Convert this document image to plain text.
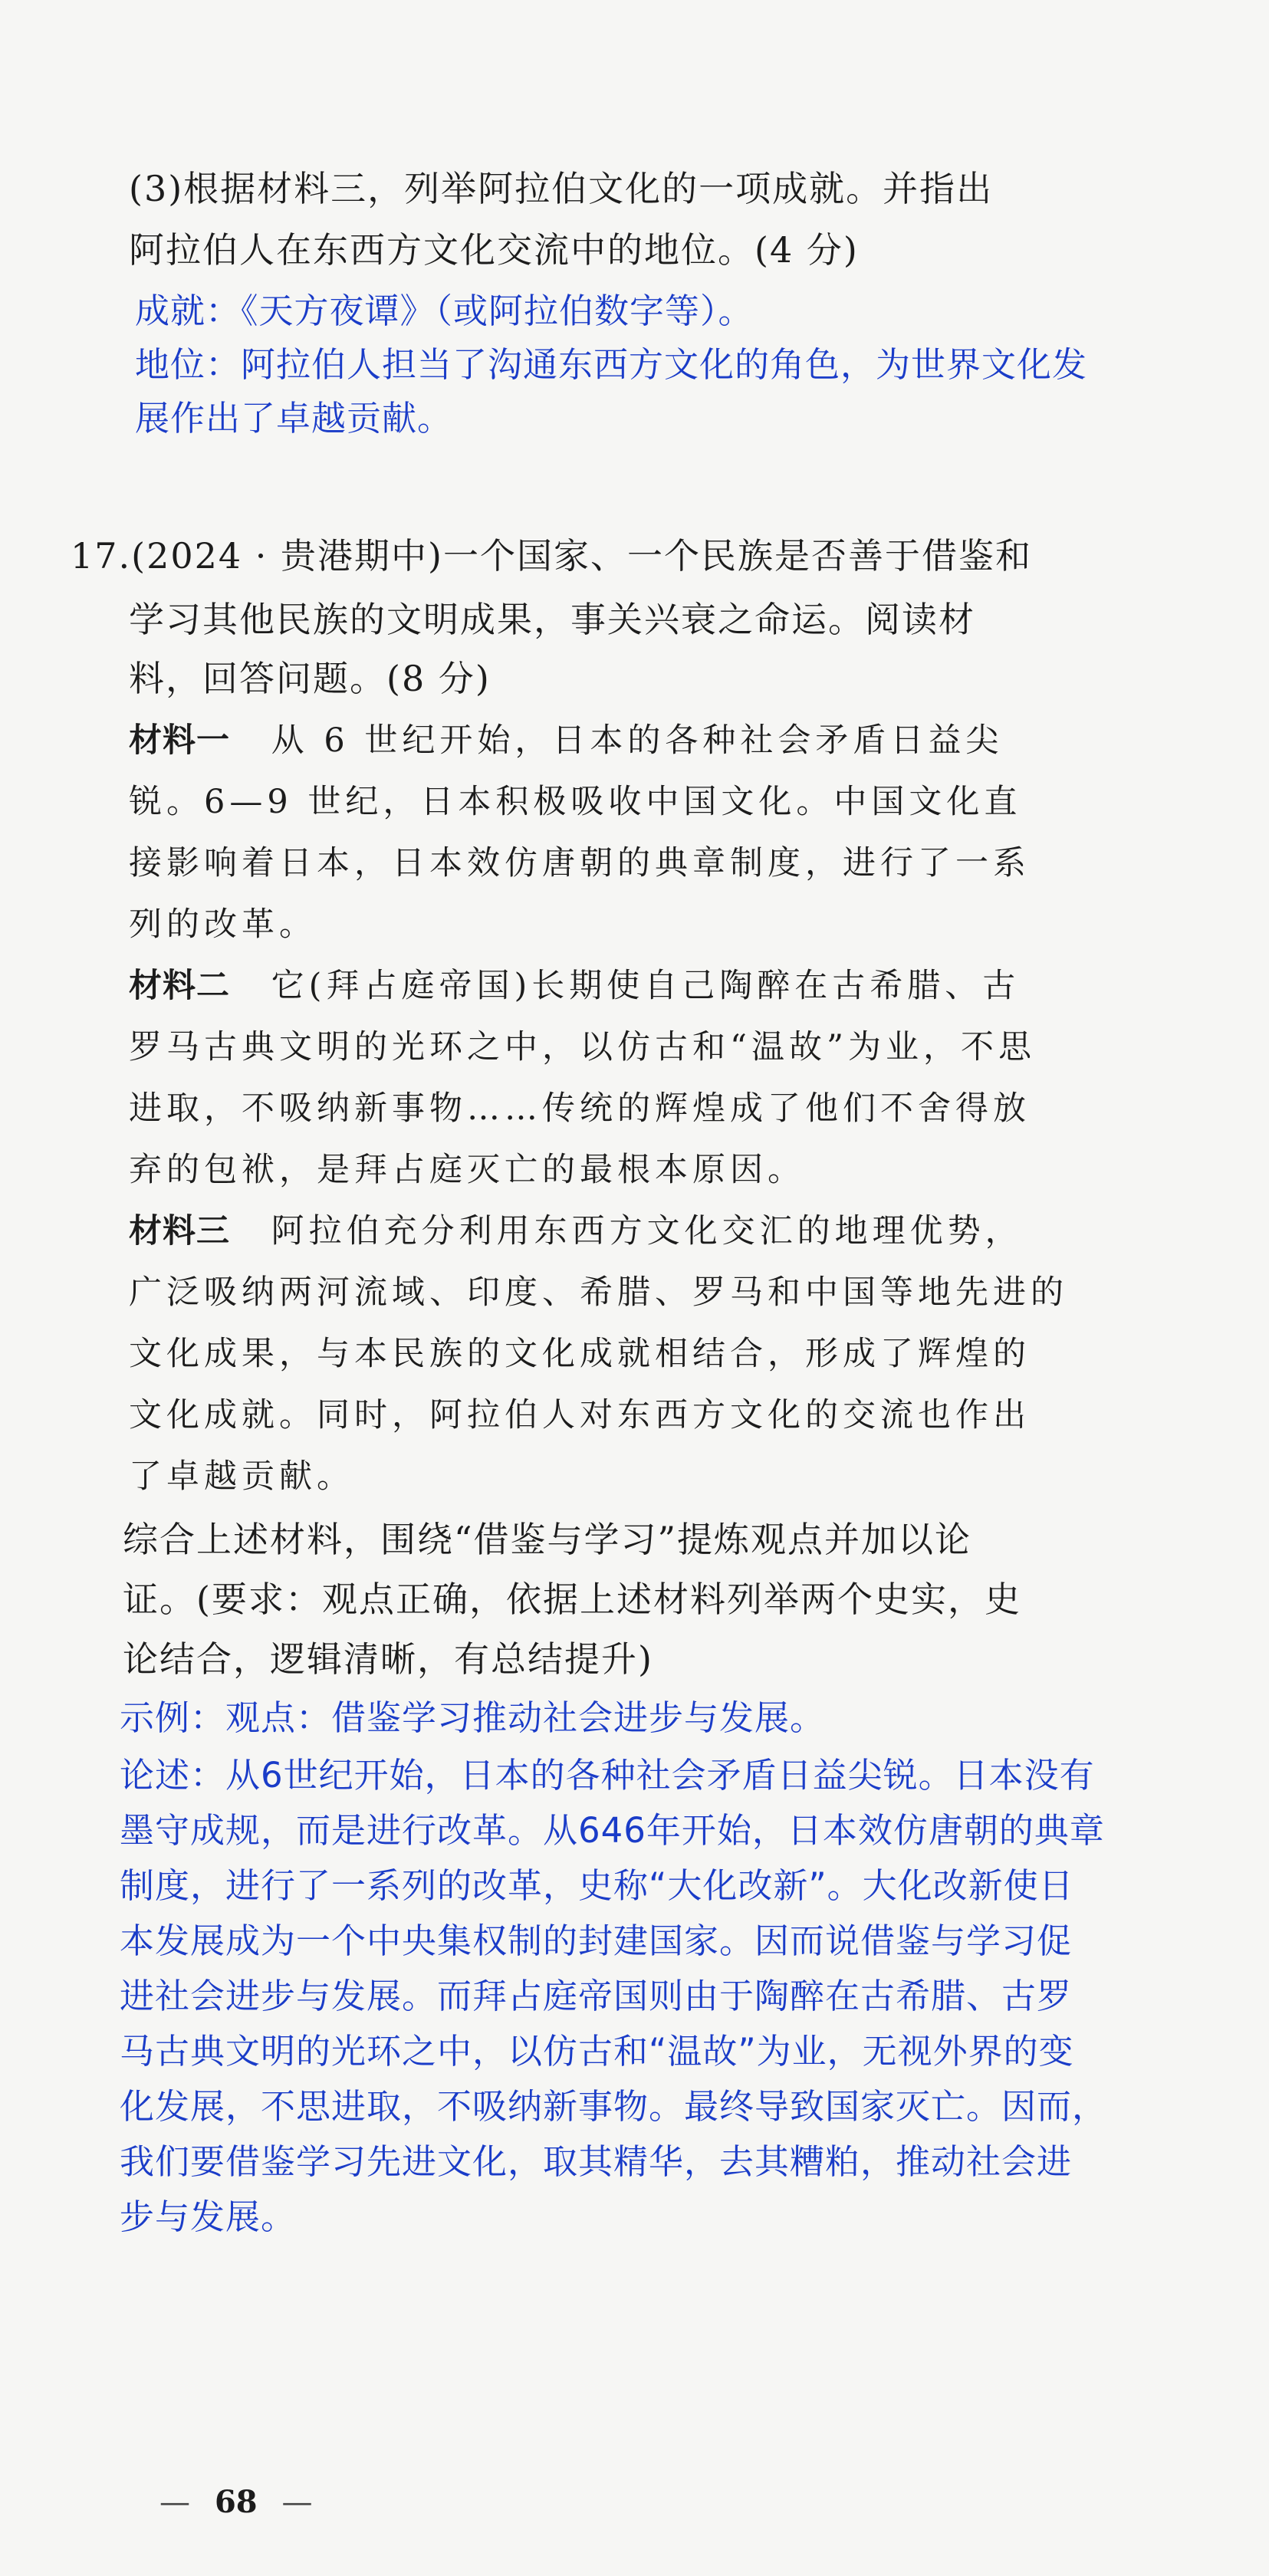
(3)根据材料三，列举阿拉伯文化的一项成就。并指出
阿拉伯人在东西方文化交流中的地位。(4 分)
成就：《天方夜谭》（或阿拉伯数字等）。
地位：阿拉伯人担当了沟通东西方文化的角色，为世界文化发
展作出了卓越贡献。
17.(2024 · 贵港期中)一个国家、一个民族是否善于借鉴和
学习其他民族的文明成果，事关兴衰之命运。阅读材
料，回答问题。(8 分)
材料一 从 6 世纪开始，日本的各种社会矛盾日益尖
锐。6—9 世纪，日本积极吸收中国文化。中国文化直
接影响着日本，日本效仿唐朝的典章制度，进行了一系
列的改革。
材料二 它(拜占庭帝国)长期使自己陶醉在古希腊、古
罗马古典文明的光环之中，以仿古和“温故”为业，不思
进取，不吸纳新事物……传统的辉煌成了他们不舍得放
弃的包袱，是拜占庭灭亡的最根本原因。
材料三 阿拉伯充分利用东西方文化交汇的地理优势，
广泛吸纳两河流域、印度、希腊、罗马和中国等地先进的
文化成果，与本民族的文化成就相结合，形成了辉煌的
文化成就。同时，阿拉伯人对东西方文化的交流也作出
了卓越贡献。
综合上述材料，围绕“借鉴与学习”提炼观点并加以论
证。(要求：观点正确，依据上述材料列举两个史实，史
论结合，逻辑清晰，有总结提升)
示例：观点：借鉴学习推动社会进步与发展。
论述：从6世纪开始，日本的各种社会矛盾日益尖锐。日本没有
墨守成规，而是进行改革。从646年开始，日本效仿唐朝的典章
制度，进行了一系列的改革，史称“大化改新”。大化改新使日
本发展成为一个中央集权制的封建国家。因而说借鉴与学习促
进社会进步与发展。而拜占庭帝国则由于陶醉在古希腊、古罗
马古典文明的光环之中，以仿古和“温故”为业，无视外界的变
化发展，不思进取，不吸纳新事物。最终导致国家灭亡。因而，
我们要借鉴学习先进文化，取其精华，去其糟粕，推动社会进
步与发展。
— 68 —
